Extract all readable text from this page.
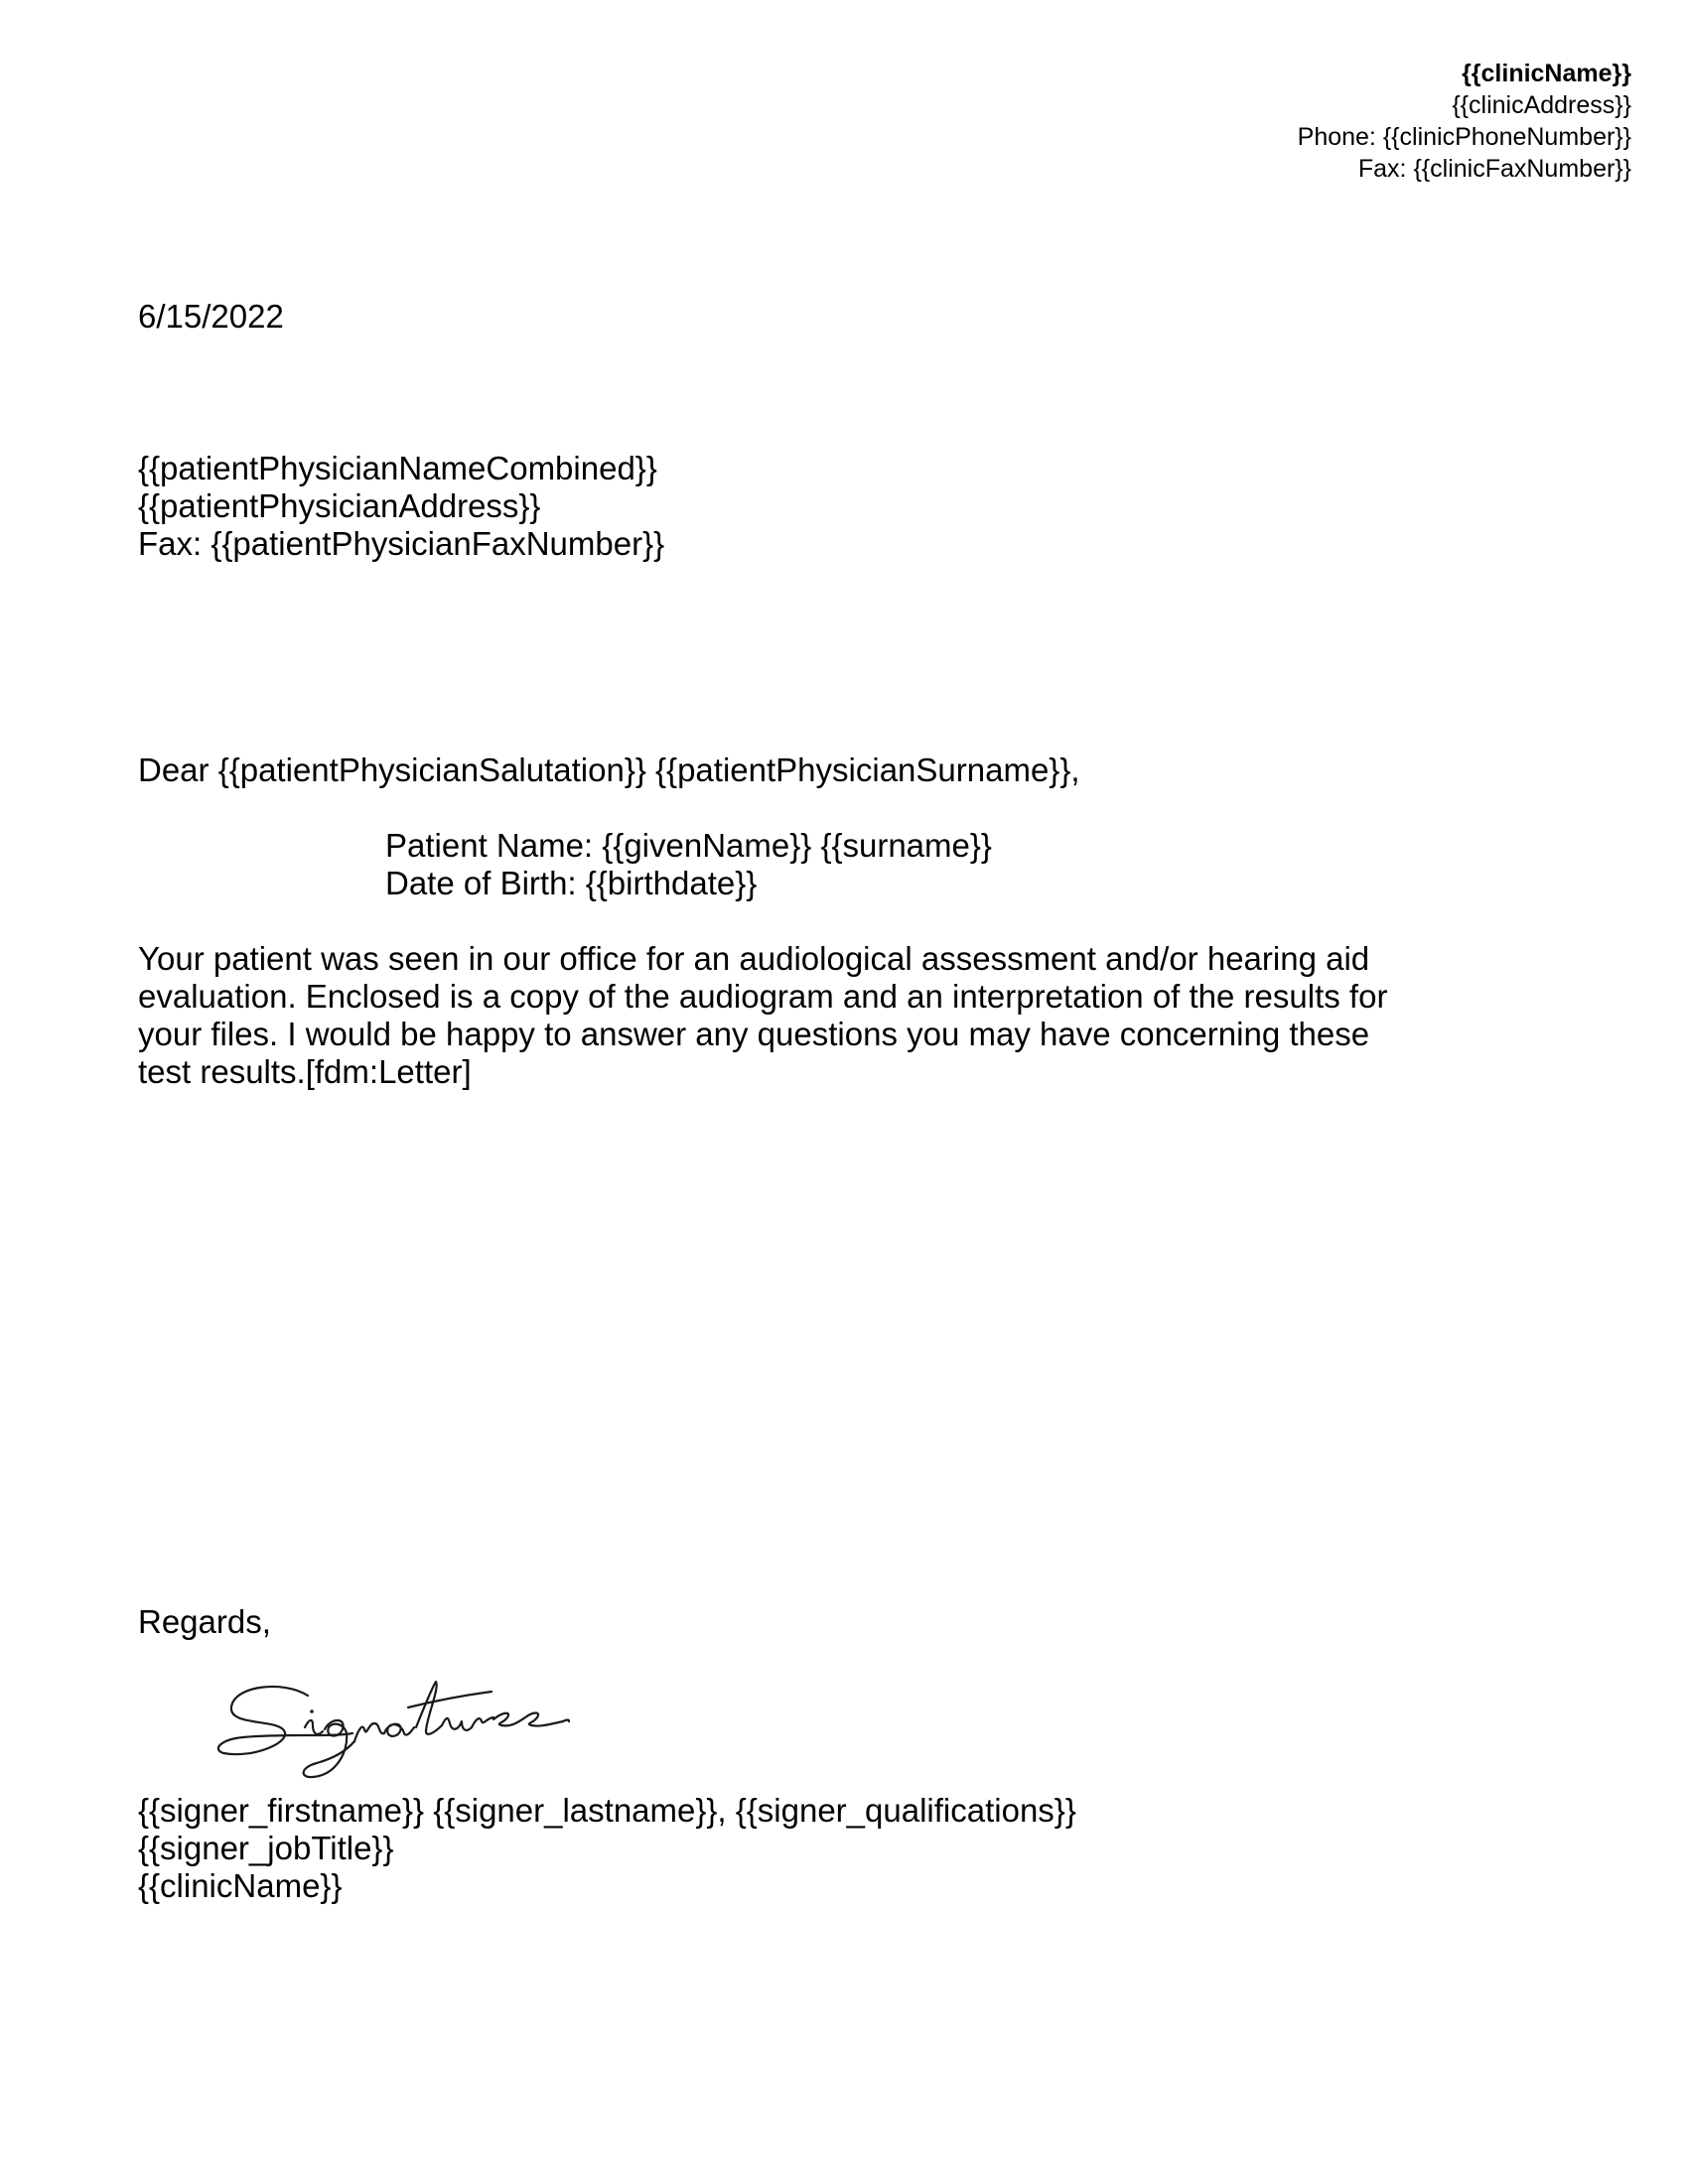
{{clinicName}}
{{clinicAddress}}
Phone: {{clinicPhoneNumber}}
Fax: {{clinicFaxNumber}}
6/15/2022
{{patientPhysicianNameCombined}}
{{patientPhysicianAddress}}
Fax: {{patientPhysicianFaxNumber}}
Dear {{patientPhysicianSalutation}} {{patientPhysicianSurname}},
Patient Name: {{givenName}} {{surname}}
Date of Birth: {{birthdate}}
Your patient was seen in our office for an audiological assessment and/or hearing aid
evaluation. Enclosed is a copy of the audiogram and an interpretation of the results for
your files. I would be happy to answer any questions you may have concerning these
test results.[fdm:Letter]
Regards,
{{signer_firstname}} {{signer_lastname}}, {{signer_qualifications}}
{{signer_jobTitle}}
{{clinicName}}
